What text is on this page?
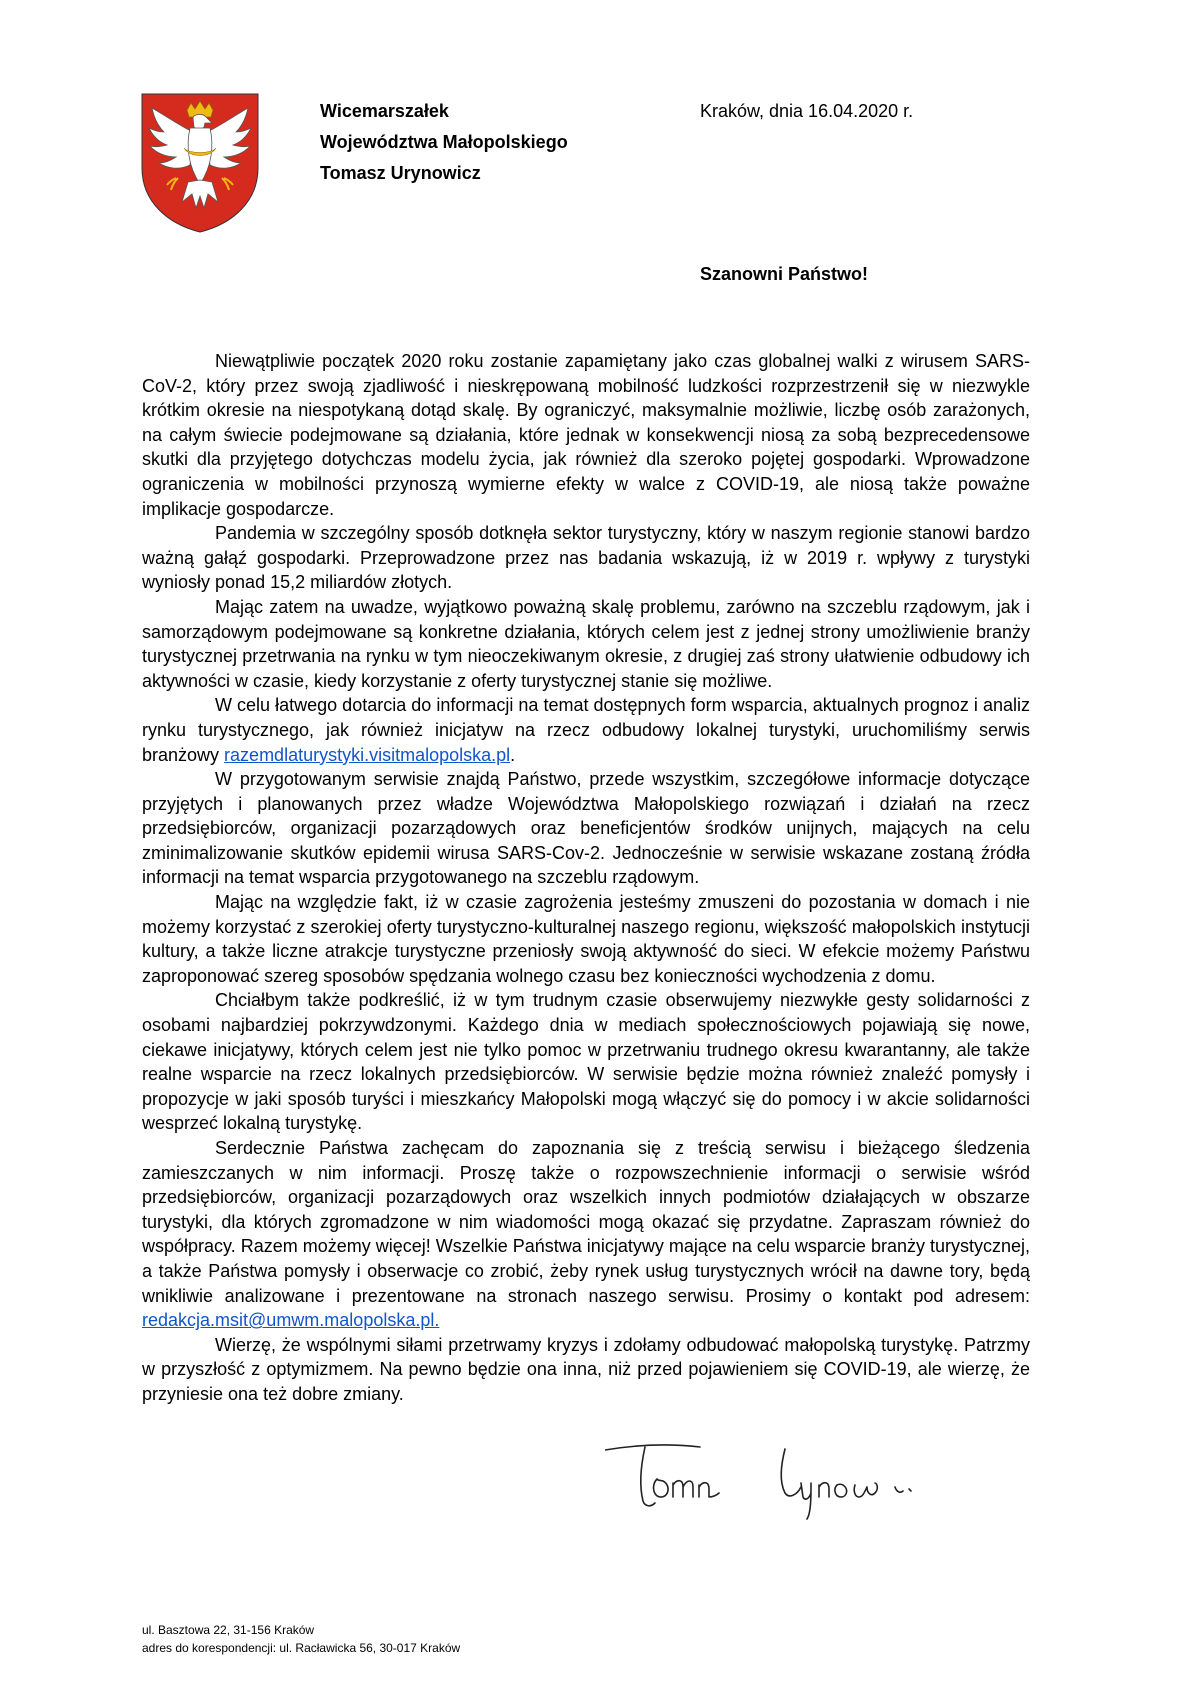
Wicemarszałek
Województwa Małopolskiego
Tomasz Urynowicz
Kraków, dnia 16.04.2020 r.
Szanowni Państwo!

Niewątpliwie początek 2020 roku zostanie zapamiętany jako czas globalnej walki z wirusem SARS-CoV-2, który przez swoją zjadliwość i nieskrępowaną mobilność ludzkości rozprzestrzenił się w niezwykle krótkim okresie na niespotykaną dotąd skalę. By ograniczyć, maksymalnie możliwie, liczbę osób zarażonych, na całym świecie podejmowane są działania, które jednak w konsekwencji niosą za sobą bezprecedensowe skutki dla przyjętego dotychczas modelu życia, jak również dla szeroko pojętej gospodarki. Wprowadzone ograniczenia w mobilności przynoszą wymierne efekty w walce z COVID-19, ale niosą także poważne implikacje gospodarcze.

Pandemia w szczególny sposób dotknęła sektor turystyczny, który w naszym regionie stanowi bardzo ważną gałąź gospodarki. Przeprowadzone przez nas badania wskazują, iż w 2019 r. wpływy z turystyki wyniosły ponad 15,2 miliardów złotych.

Mając zatem na uwadze, wyjątkowo poważną skalę problemu, zarówno na szczeblu rządowym, jak i samorządowym podejmowane są konkretne działania, których celem jest z jednej strony umożliwienie branży turystycznej przetrwania na rynku w tym nieoczekiwanym okresie, z drugiej zaś strony ułatwienie odbudowy ich aktywności w czasie, kiedy korzystanie z oferty turystycznej stanie się możliwe.

W celu łatwego dotarcia do informacji na temat dostępnych form wsparcia, aktualnych prognoz i analiz rynku turystycznego, jak również inicjatyw na rzecz odbudowy lokalnej turystyki, uruchomiliśmy serwis branżowy razemdlaturystyki.visitmalopolska.pl.

W przygotowanym serwisie znajdą Państwo, przede wszystkim, szczegółowe informacje dotyczące przyjętych i planowanych przez władze Województwa Małopolskiego rozwiązań i działań na rzecz przedsiębiorców, organizacji pozarządowych oraz beneficjentów środków unijnych, mających na celu zminimalizowanie skutków epidemii wirusa SARS-Cov-2. Jednocześnie w serwisie wskazane zostaną źródła informacji na temat wsparcia przygotowanego na szczeblu rządowym.

Mając na względzie fakt, iż w czasie zagrożenia jesteśmy zmuszeni do pozostania w domach i nie możemy korzystać z szerokiej oferty turystyczno-kulturalnej naszego regionu, większość małopolskich instytucji kultury, a także liczne atrakcje turystyczne przeniosły swoją aktywność do sieci. W efekcie możemy Państwu zaproponować szereg sposobów spędzania wolnego czasu bez konieczności wychodzenia z domu.

Chciałbym także podkreślić, iż w tym trudnym czasie obserwujemy niezwykłe gesty solidarności z osobami najbardziej pokrzywdzonymi. Każdego dnia w mediach społecznościowych pojawiają się nowe, ciekawe inicjatywy, których celem jest nie tylko pomoc w przetrwaniu trudnego okresu kwarantanny, ale także realne wsparcie na rzecz lokalnych przedsiębiorców. W serwisie będzie można również znaleźć pomysły i propozycje w jaki sposób turyści i mieszkańcy Małopolski mogą włączyć się do pomocy i w akcie solidarności wesprzeć lokalną turystykę.

Serdecznie Państwa zachęcam do zapoznania się z treścią serwisu i bieżącego śledzenia zamieszczanych w nim informacji. Proszę także o rozpowszechnienie informacji o serwisie wśród przedsiębiorców, organizacji pozarządowych oraz wszelkich innych podmiotów działających w obszarze turystyki, dla których zgromadzone w nim wiadomości mogą okazać się przydatne. Zapraszam również do współpracy. Razem możemy więcej! Wszelkie Państwa inicjatywy mające na celu wsparcie branży turystycznej, a także Państwa pomysły i obserwacje co zrobić, żeby rynek usług turystycznych wrócił na dawne tory, będą wnikliwie analizowane i prezentowane na stronach naszego serwisu. Prosimy o kontakt pod adresem: redakcja.msit@umwm.malopolska.pl.

Wierzę, że wspólnymi siłami przetrwamy kryzys i zdołamy odbudować małopolską turystykę. Patrzmy w przyszłość z optymizmem. Na pewno będzie ona inna, niż przed pojawieniem się COVID-19, ale wierzę, że przyniesie ona też dobre zmiany.

ul. Basztowa 22, 31-156 Kraków
adres do korespondencji: ul. Racławicka 56, 30-017 Kraków
